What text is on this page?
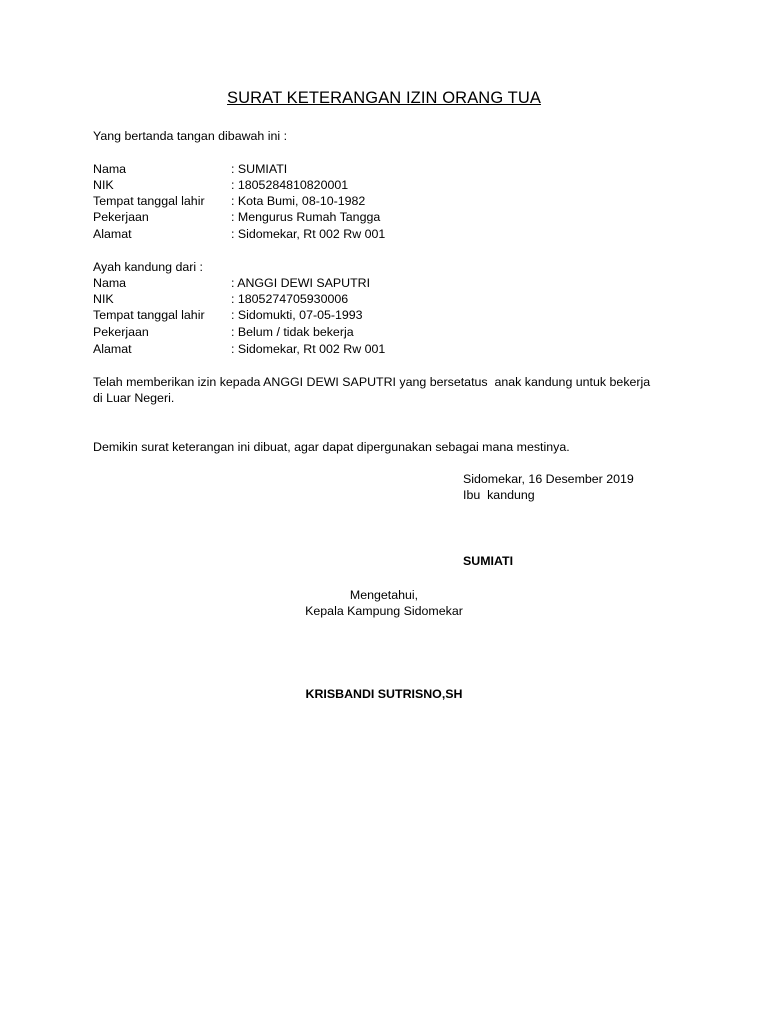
SURAT KETERANGAN IZIN ORANG TUA
Yang bertanda tangan dibawah ini :
Nama	: SUMIATI
NIK	: 1805284810820001
Tempat tanggal lahir : Kota Bumi, 08-10-1982
Pekerjaan	: Mengurus Rumah Tangga
Alamat	: Sidomekar, Rt 002 Rw 001
Ayah kandung dari :
Nama	: ANGGI DEWI SAPUTRI
NIK	: 1805274705930006
Tempat tanggal lahir : Sidomukti, 07-05-1993
Pekerjaan	: Belum / tidak bekerja
Alamat	: Sidomekar, Rt 002 Rw 001
Telah memberikan izin kepada ANGGI DEWI SAPUTRI yang bersetatus  anak kandung untuk bekerja
di Luar Negeri.
Demikin surat keterangan ini dibuat, agar dapat dipergunakan sebagai mana mestinya.
Sidomekar, 16 Desember 2019
Ibu  kandung
SUMIATI
Mengetahui,
Kepala Kampung Sidomekar
KRISBANDI SUTRISNO,SH
